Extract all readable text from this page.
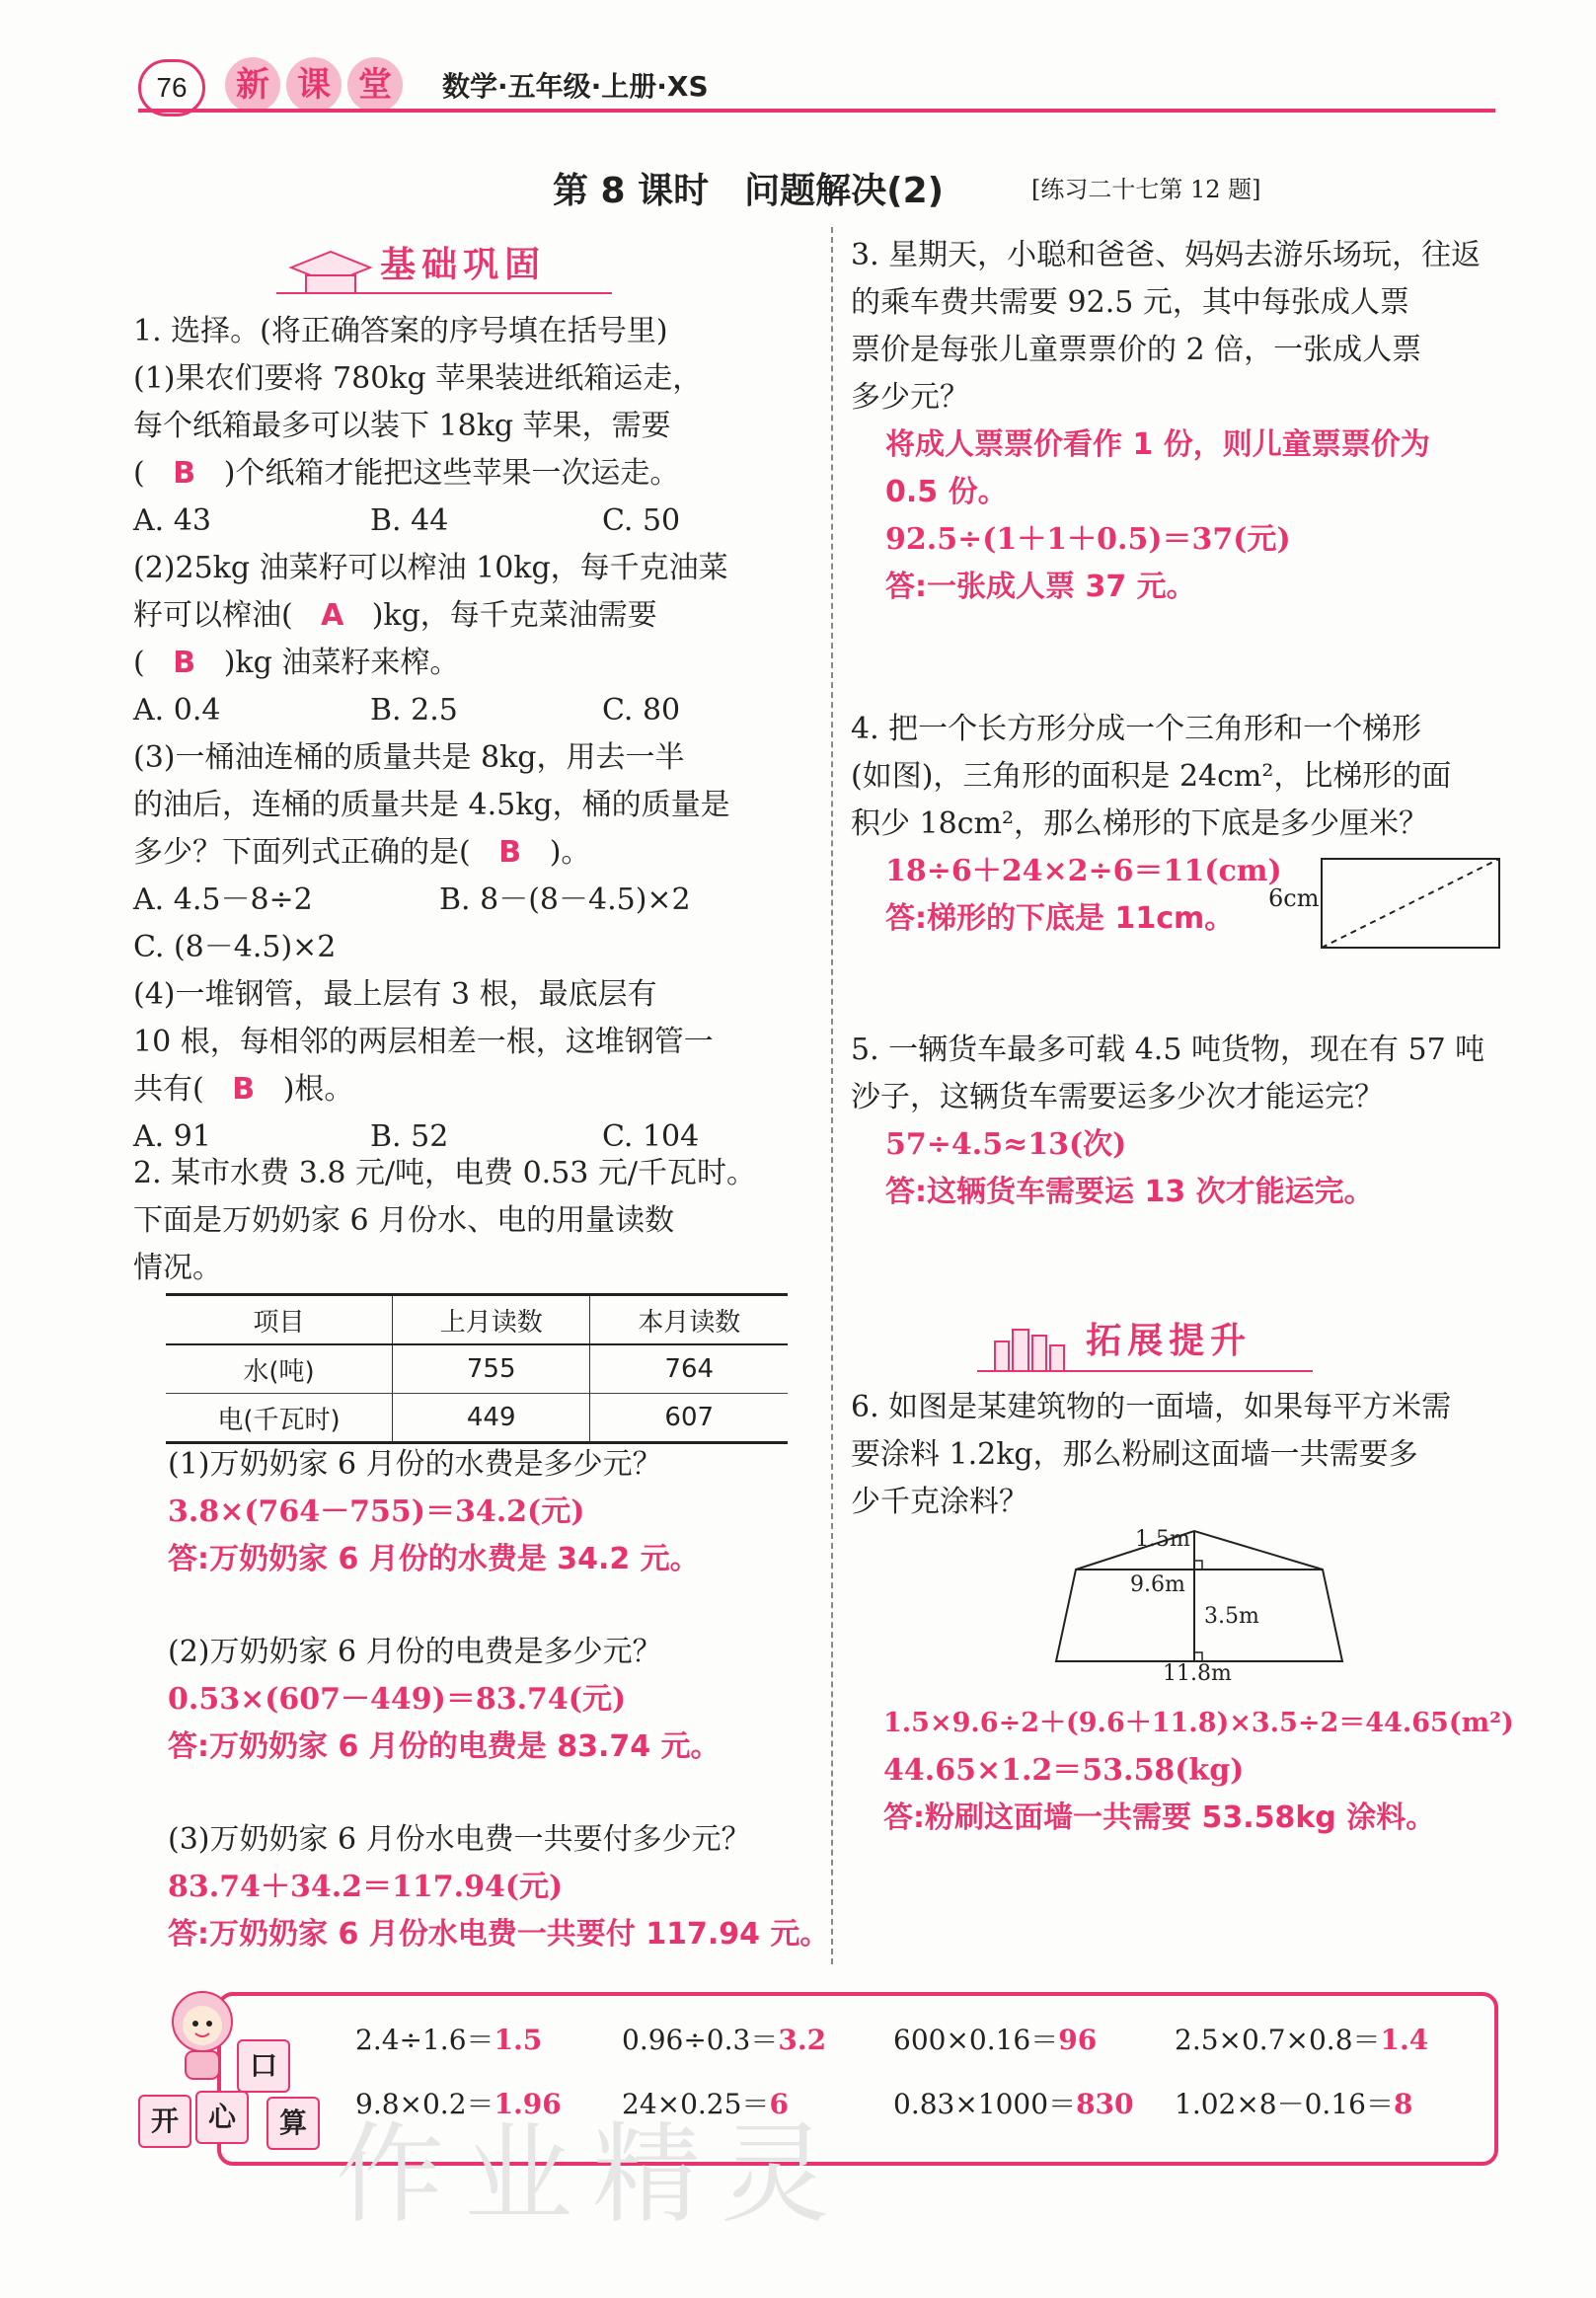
76	新 课 堂	数学·五年级·上册·XS
第 8 课时　问题解决(2)	[练习二十七第 12 题]
基础巩固
1. 选择。(将正确答案的序号填在括号里)
(1)果农们要将 780kg 苹果装进纸箱运走，
每个纸箱最多可以装下 18kg 苹果，需要
( B )个纸箱才能把这些苹果一次运走。
A. 43	B. 44	C. 50
(2)25kg 油菜籽可以榨油 10kg，每千克油菜
籽可以榨油( A )kg，每千克菜油需要
( B )kg 油菜籽来榨。
A. 0.4	B. 2.5	C. 80
(3)一桶油连桶的质量共是 8kg，用去一半
的油后，连桶的质量共是 4.5kg，桶的质量是
多少？下面列式正确的是( B )。
A. 4.5－8÷2	B. 8－(8－4.5)×2
C. (8－4.5)×2
(4)一堆钢管，最上层有 3 根，最底层有
10 根，每相邻的两层相差一根，这堆钢管一
共有( B )根。
A. 91	B. 52	C. 104
2. 某市水费 3.8 元/吨，电费 0.53 元/千瓦时。
下面是万奶奶家 6 月份水、电的用量读数
情况。
项目	上月读数	本月读数
水(吨)	755	764
电(千瓦时)	449	607
(1)万奶奶家 6 月份的水费是多少元？
3.8×(764－755)＝34.2(元)
答:万奶奶家 6 月份的水费是 34.2 元。
(2)万奶奶家 6 月份的电费是多少元？
0.53×(607－449)＝83.74(元)
答:万奶奶家 6 月份的电费是 83.74 元。
(3)万奶奶家 6 月份水电费一共要付多少元？
83.74＋34.2＝117.94(元)
答:万奶奶家 6 月份水电费一共要付 117.94 元。
3. 星期天，小聪和爸爸、妈妈去游乐场玩，往返
的乘车费共需要 92.5 元，其中每张成人票
票价是每张儿童票票价的 2 倍，一张成人票
多少元？
将成人票票价看作 1 份，则儿童票票价为
0.5 份。
92.5÷(1＋1＋0.5)＝37(元)
答:一张成人票 37 元。
4. 把一个长方形分成一个三角形和一个梯形
(如图)，三角形的面积是 24cm²，比梯形的面
积少 18cm²，那么梯形的下底是多少厘米？
18÷6＋24×2÷6＝11(cm)
答:梯形的下底是 11cm。
6cm
5. 一辆货车最多可载 4.5 吨货物，现在有 57 吨
沙子，这辆货车需要运多少次才能运完？
57÷4.5≈13(次)
答:这辆货车需要运 13 次才能运完。
拓展提升
6. 如图是某建筑物的一面墙，如果每平方米需
要涂料 1.2kg，那么粉刷这面墙一共需要多
少千克涂料？
1.5m
9.6m
3.5m
11.8m
1.5×9.6÷2＋(9.6＋11.8)×3.5÷2＝44.65(m²)
44.65×1.2＝53.58(kg)
答:粉刷这面墙一共需要 53.58kg 涂料。
开	心
口
算
2.4÷1.6＝1.5	0.96÷0.3＝3.2 600×0.16＝96	2.5×0.7×0.8＝1.4
9.8×0.2＝1.96 24×0.25＝6	0.83×1000＝830 1.02×8－0.16＝8
作业精灵
